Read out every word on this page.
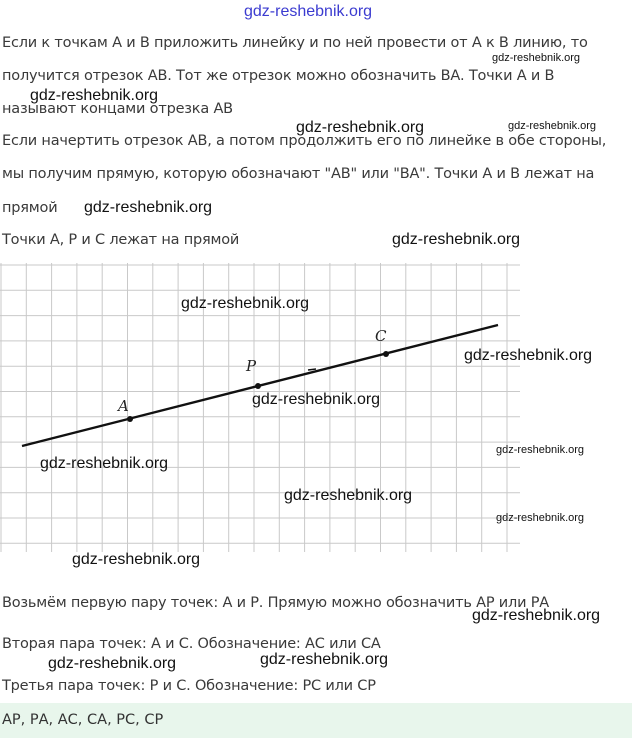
gdz-reshebnik.org
Если к точкам А и В приложить линейку и по ней провести от А к В линию, то
получится отрезок АВ. Тот же отрезок можно обозначить ВА. Точки А и В
называют концами отрезка АВ
Если начертить отрезок АВ, а потом продолжить его по линейке в обе стороны,
мы получим прямую, которую обозначают "АВ" или "ВА". Точки А и В лежат на
прямой
Точки А, Р и С лежат на прямой
A
P
C
Возьмём первую пару точек: А и Р. Прямую можно обозначить АР или РА
Вторая пара точек: А и С. Обозначение: АС или СА
Третья пара точек: Р и С. Обозначение: РС или СР
АР, РА, АС, СА, РС, СР
gdz-reshebnik.org
gdz-reshebnik.org
gdz-reshebnik.org	gdz-reshebnik.org
gdz-reshebnik.org
gdz-reshebnik.org
gdz-reshebnik.org
gdz-reshebnik.org
gdz-reshebnik.org
gdz-reshebnik.org
gdz-reshebnik.org
gdz-reshebnik.org
gdz-reshebnik.org
gdz-reshebnik.org
gdz-reshebnik.org
gdz-reshebnik.org	gdz-reshebnik.org
